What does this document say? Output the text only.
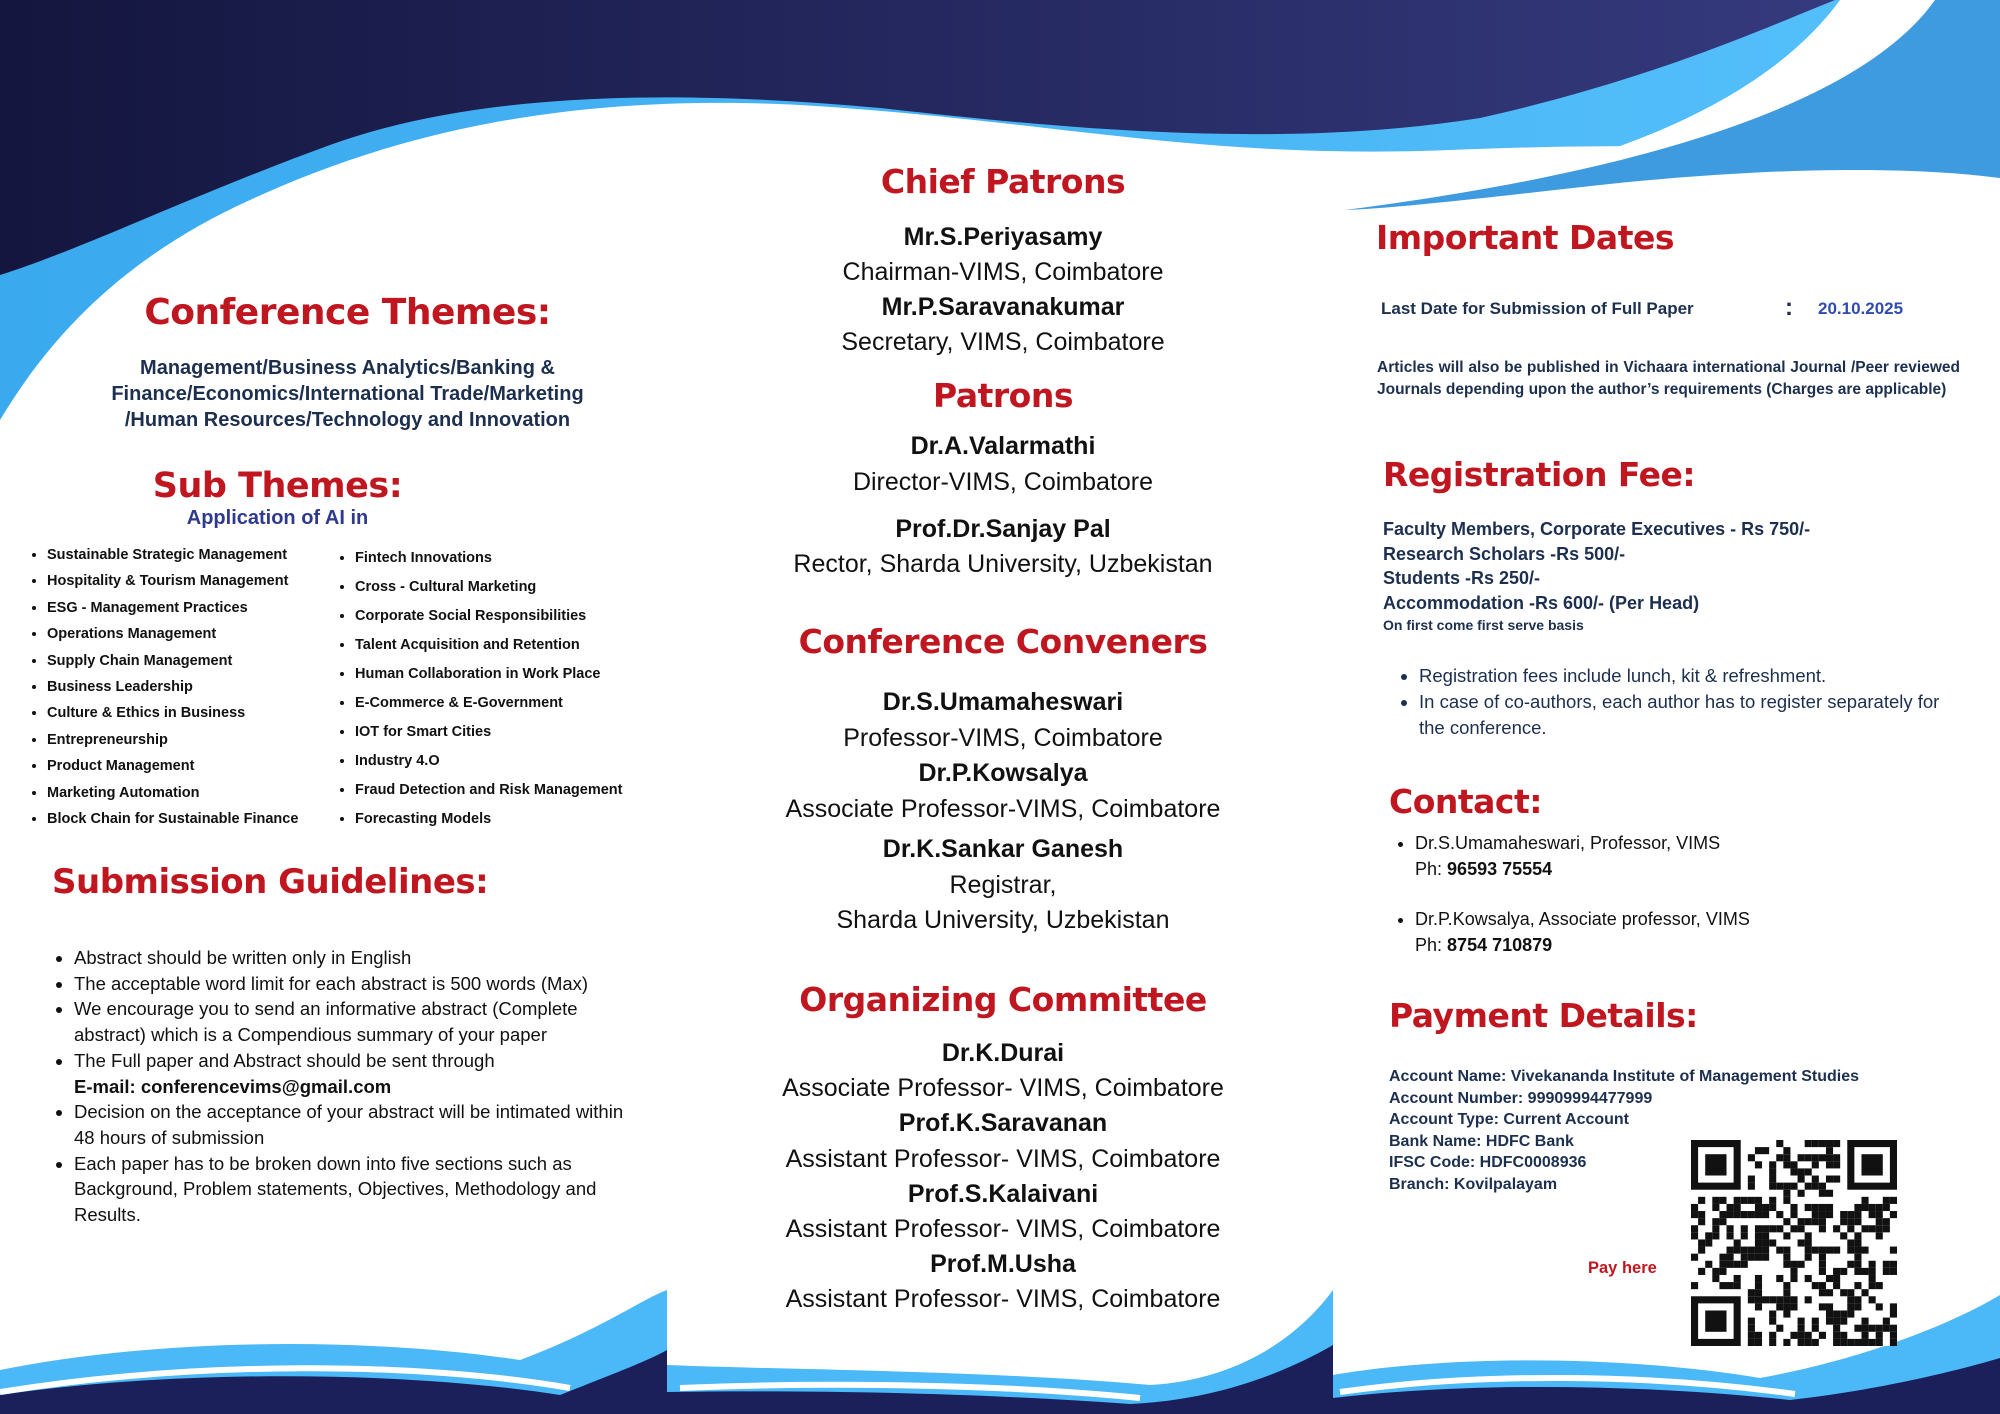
Conference Themes:
Management/Business Analytics/Banking &
Finance/Economics/International Trade/Marketing
/Human Resources/Technology and Innovation
Sub Themes:
Application of AI in
• Sustainable Strategic Management
• Hospitality & Tourism Management
• ESG - Management Practices
• Operations Management
• Supply Chain Management
• Business Leadership
• Culture & Ethics in Business
• Entrepreneurship
• Product Management
• Marketing Automation
• Block Chain for Sustainable Finance
• Fintech Innovations
• Cross - Cultural Marketing
• Corporate Social Responsibilities
• Talent Acquisition and Retention
• Human Collaboration in Work Place
• E-Commerce & E-Government
• IOT for Smart Cities
• Industry 4.O
• Fraud Detection and Risk Management
• Forecasting Models
Submission Guidelines:
• Abstract should be written only in English
• The acceptable word limit for each abstract is 500 words (Max)
• We encourage you to send an informative abstract (Complete abstract) which is a Compendious summary of your paper
• The Full paper and Abstract should be sent through
E-mail: conferencevims@gmail.com
• Decision on the acceptance of your abstract will be intimated within 48 hours of submission
• Each paper has to be broken down into five sections such as Background, Problem statements, Objectives, Methodology and Results.
Chief Patrons
Mr.S.Periyasamy
Chairman-VIMS, Coimbatore
Mr.P.Saravanakumar
Secretary, VIMS, Coimbatore
Patrons
Dr.A.Valarmathi
Director-VIMS, Coimbatore
Prof.Dr.Sanjay Pal
Rector, Sharda University, Uzbekistan
Conference Conveners
Dr.S.Umamaheswari
Professor-VIMS, Coimbatore
Dr.P.Kowsalya
Associate Professor-VIMS, Coimbatore
Dr.K.Sankar Ganesh
Registrar,
Sharda University, Uzbekistan
Organizing Committee
Dr.K.Durai
Associate Professor- VIMS, Coimbatore
Prof.K.Saravanan
Assistant Professor- VIMS, Coimbatore
Prof.S.Kalaivani
Assistant Professor- VIMS, Coimbatore
Prof.M.Usha
Assistant Professor- VIMS, Coimbatore
Important Dates
Last Date for Submission of Full Paper	: 20.10.2025
Articles will also be published in Vichaara international Journal /Peer reviewed Journals depending upon the author’s requirements (Charges are applicable)
Registration Fee:
Faculty Members, Corporate Executives - Rs 750/-
Research Scholars -Rs 500/-
Students -Rs 250/-
Accommodation -Rs 600/- (Per Head)
On first come first serve basis
• Registration fees include lunch, kit & refreshment.
• In case of co-authors, each author has to register separately for the conference.
Contact:
• Dr.S.Umamaheswari, Professor, VIMS
Ph: 96593 75554
• Dr.P.Kowsalya, Associate professor, VIMS
Ph: 8754 710879
Payment Details:
Account Name: Vivekananda Institute of Management Studies
Account Number: 99909994477999
Account Type: Current Account
Bank Name: HDFC Bank
IFSC Code: HDFC0008936
Branch: Kovilpalayam
Pay here
